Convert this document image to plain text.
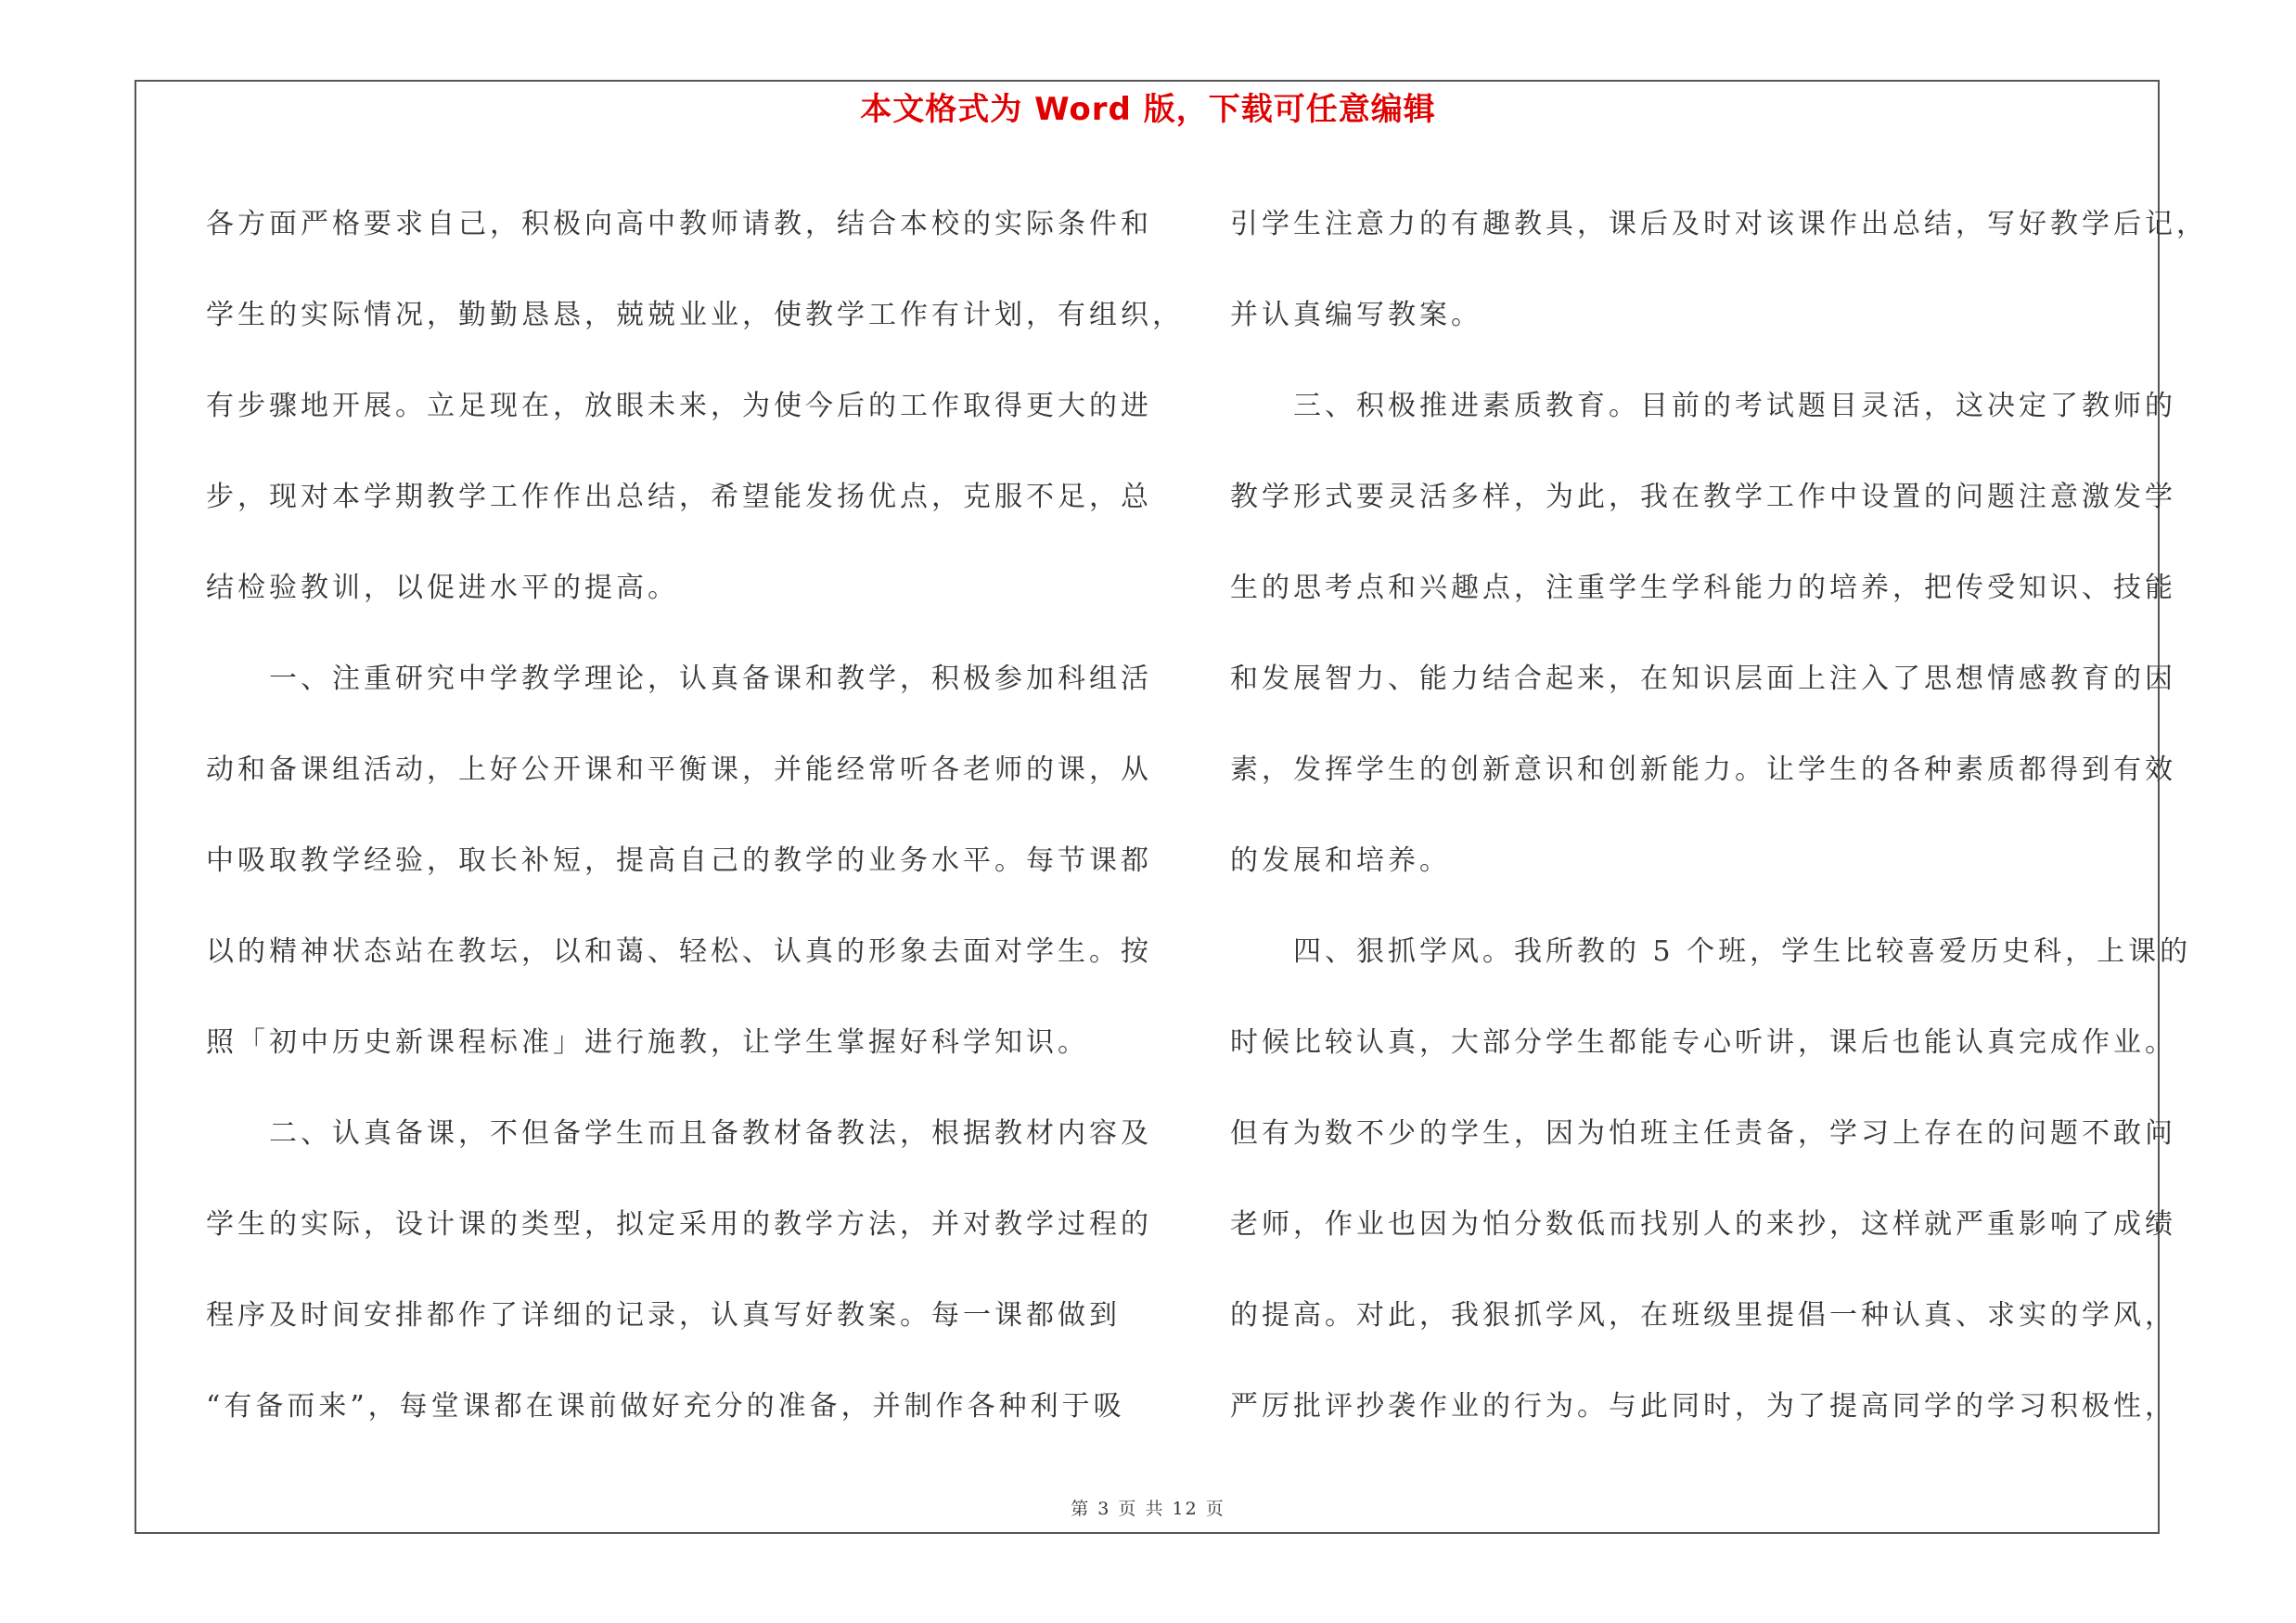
本文格式为 Word 版，下载可任意编辑
各方面严格要求自己，积极向高中教师请教，结合本校的实际条件和
学生的实际情况，勤勤恳恳，兢兢业业，使教学工作有计划，有组织，
有步骤地开展。立足现在，放眼未来，为使今后的工作取得更大的进
步，现对本学期教学工作作出总结，希望能发扬优点，克服不足，总
结检验教训，以促进水平的提高。
一、注重研究中学教学理论，认真备课和教学，积极参加科组活
动和备课组活动，上好公开课和平衡课，并能经常听各老师的课，从
中吸取教学经验，取长补短，提高自己的教学的业务水平。每节课都
以的精神状态站在教坛，以和蔼、轻松、认真的形象去面对学生。按
照「初中历史新课程标准」进行施教，让学生掌握好科学知识。
二、认真备课，不但备学生而且备教材备教法，根据教材内容及
学生的实际，设计课的类型，拟定采用的教学方法，并对教学过程的
程序及时间安排都作了详细的记录，认真写好教案。每一课都做到
“有备而来”，每堂课都在课前做好充分的准备，并制作各种利于吸
引学生注意力的有趣教具，课后及时对该课作出总结，写好教学后记，
并认真编写教案。
三、积极推进素质教育。目前的考试题目灵活，这决定了教师的
教学形式要灵活多样，为此，我在教学工作中设置的问题注意激发学
生的思考点和兴趣点，注重学生学科能力的培养，把传受知识、技能
和发展智力、能力结合起来，在知识层面上注入了思想情感教育的因
素，发挥学生的创新意识和创新能力。让学生的各种素质都得到有效
的发展和培养。
四、狠抓学风。我所教的 5 个班，学生比较喜爱历史科，上课的
时候比较认真，大部分学生都能专心听讲，课后也能认真完成作业。
但有为数不少的学生，因为怕班主任责备，学习上存在的问题不敢问
老师，作业也因为怕分数低而找别人的来抄，这样就严重影响了成绩
的提高。对此，我狠抓学风，在班级里提倡一种认真、求实的学风，
严厉批评抄袭作业的行为。与此同时，为了提高同学的学习积极性，
第 3 页 共 12 页
